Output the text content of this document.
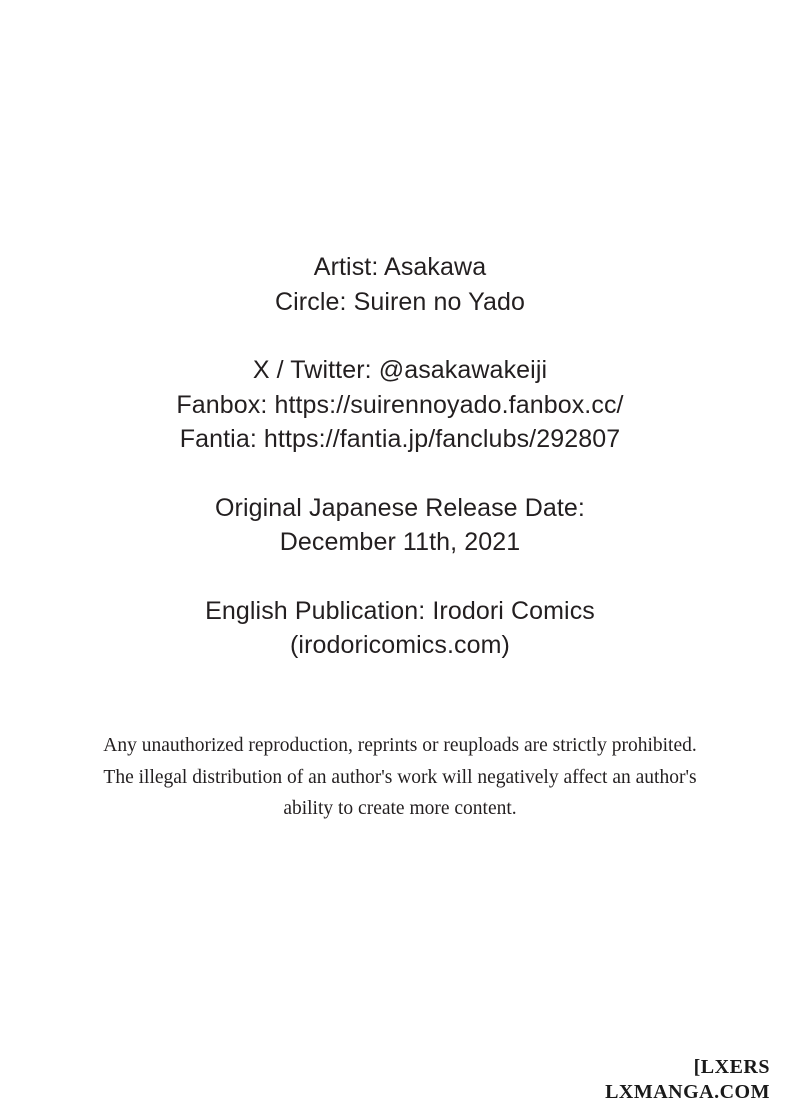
Artist: Asakawa
Circle: Suiren no Yado
X / Twitter: @asakawakeiji
Fanbox: https://suirennoyado.fanbox.cc/
Fantia: https://fantia.jp/fanclubs/292807
Original Japanese Release Date:
December 11th, 2021
English Publication: Irodori Comics
(irodoricomics.com)
Any unauthorized reproduction, reprints or reuploads are strictly prohibited.
The illegal distribution of an author's work will negatively affect an author's
ability to create more content.
[LXERS
LXMANGA.COM
